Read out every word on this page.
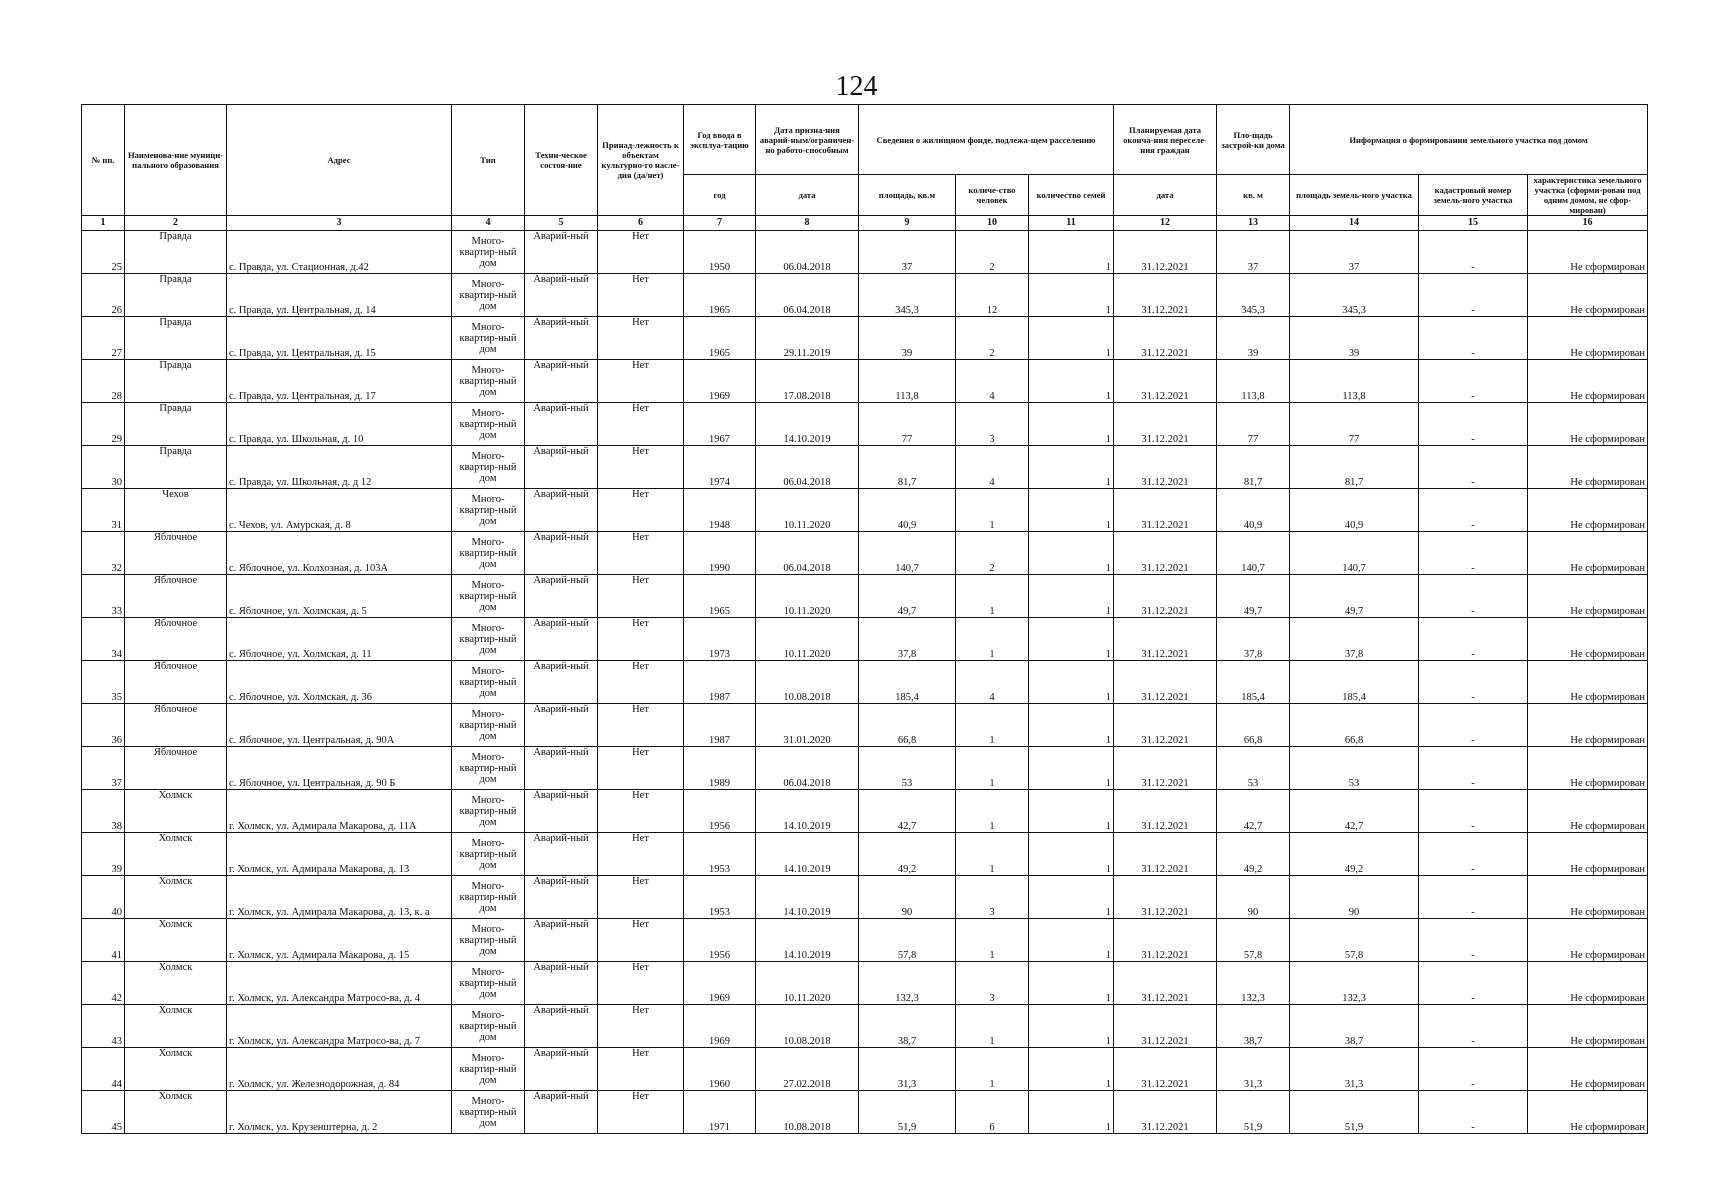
124
№ пп.	Наименова-ние муници-пального образования	Адрес	Тип	Техни-ческое состоя-ние	Принад-лежность к объектам культурно-го насле-дия (да/нет)	Год ввода в эксплуа-тацию	Дата призна-ния аварий-ным/ограничен-но работо-способным	Сведения о жилищном фонде, подлежа-щем расселению			Планируемая дата оконча-ния переселе-ния граждан	Пло-щадь застрой-ки дома	Информация о формировании земельного участка под домом		
						год	дата	площадь, кв.м	количе-ство человек	количество семей	дата	кв. м	площадь земель-ного участка	кадастровый номер земель-ного участка	характеристика земельного участка (сформи-рован под одним домом, не сфор-мирован)
1	2	3	4	5	6	7	8	9	10	11	12	13	14	15	16
25	Правда	с. Правда, ул. Стационная, д.42	Много-квартир-ный дом	Аварий-ный	Нет	1950	06.04.2018	37	2	1	31.12.2021	37	37	-	Не сформирован
26	Правда	с. Правда, ул. Центральная, д. 14	Много-квартир-ный дом	Аварий-ный	Нет	1965	06.04.2018	345,3	12	1	31.12.2021	345,3	345,3	-	Не сформирован
27	Правда	с. Правда, ул. Центральная, д. 15	Много-квартир-ный дом	Аварий-ный	Нет	1965	29.11.2019	39	2	1	31.12.2021	39	39	-	Не сформирован
28	Правда	с. Правда, ул. Центральная, д. 17	Много-квартир-ный дом	Аварий-ный	Нет	1969	17.08.2018	113,8	4	1	31.12.2021	113,8	113,8	-	Не сформирован
29	Правда	с. Правда, ул. Школьная, д. 10	Много-квартир-ный дом	Аварий-ный	Нет	1967	14.10.2019	77	3	1	31.12.2021	77	77	-	Не сформирован
30	Правда	с. Правда, ул. Школьная, д. д 12	Много-квартир-ный дом	Аварий-ный	Нет	1974	06.04.2018	81,7	4	1	31.12.2021	81,7	81,7	-	Не сформирован
31	Чехов	с. Чехов, ул. Амурская, д. 8	Много-квартир-ный дом	Аварий-ный	Нет	1948	10.11.2020	40,9	1	1	31.12.2021	40,9	40,9	-	Не сформирован
32	Яблочное	с. Яблочное, ул. Колхозная, д. 103А	Много-квартир-ный дом	Аварий-ный	Нет	1990	06.04.2018	140,7	2	1	31.12.2021	140,7	140,7	-	Не сформирован
33	Яблочное	с. Яблочное, ул. Холмская, д. 5	Много-квартир-ный дом	Аварий-ный	Нет	1965	10.11.2020	49,7	1	1	31.12.2021	49,7	49,7	-	Не сформирован
34	Яблочное	с. Яблочное, ул. Холмская, д. 11	Много-квартир-ный дом	Аварий-ный	Нет	1973	10.11.2020	37,8	1	1	31.12.2021	37,8	37,8	-	Не сформирован
35	Яблочное	с. Яблочное, ул. Холмская, д. 36	Много-квартир-ный дом	Аварий-ный	Нет	1987	10.08.2018	185,4	4	1	31.12.2021	185,4	185,4	-	Не сформирован
36	Яблочное	с. Яблочное, ул. Центральная, д. 90А	Много-квартир-ный дом	Аварий-ный	Нет	1987	31.01.2020	66,8	1	1	31.12.2021	66,8	66,8	-	Не сформирован
37	Яблочное	с. Яблочное, ул. Центральная, д. 90 Б	Много-квартир-ный дом	Аварий-ный	Нет	1989	06.04.2018	53	1	1	31.12.2021	53	53	-	Не сформирован
38	Холмск	г. Холмск, ул. Адмирала Макарова, д. 11А	Много-квартир-ный дом	Аварий-ный	Нет	1956	14.10.2019	42,7	1	1	31.12.2021	42,7	42,7	-	Не сформирован
39	Холмск	г. Холмск, ул. Адмирала Макарова, д. 13	Много-квартир-ный дом	Аварий-ный	Нет	1953	14.10.2019	49,2	1	1	31.12.2021	49,2	49,2	-	Не сформирован
40	Холмск	г. Холмск, ул. Адмирала Макарова, д. 13, к. а	Много-квартир-ный дом	Аварий-ный	Нет	1953	14.10.2019	90	3	1	31.12.2021	90	90	-	Не сформирован
41	Холмск	г. Холмск, ул. Адмирала Макарова, д. 15	Много-квартир-ный дом	Аварий-ный	Нет	1956	14.10.2019	57,8	1	1	31.12.2021	57,8	57,8	-	Не сформирован
42	Холмск	г. Холмск, ул. Александра Матросо-ва, д. 4	Много-квартир-ный дом	Аварий-ный	Нет	1969	10.11.2020	132,3	3	1	31.12.2021	132,3	132,3	-	Не сформирован
43	Холмск	г. Холмск, ул. Александра Матросо-ва, д. 7	Много-квартир-ный дом	Аварий-ный	Нет	1969	10.08.2018	38,7	1	1	31.12.2021	38,7	38,7	-	Не сформирован
44	Холмск	г. Холмск, ул. Железнодорожная, д. 84	Много-квартир-ный дом	Аварий-ный	Нет	1960	27.02.2018	31,3	1	1	31.12.2021	31,3	31,3	-	Не сформирован
45	Холмск	г. Холмск, ул. Крузенштерна, д. 2	Много-квартир-ный дом	Аварий-ный	Нет	1971	10.08.2018	51,9	6	1	31.12.2021	51,9	51,9	-	Не сформирован
